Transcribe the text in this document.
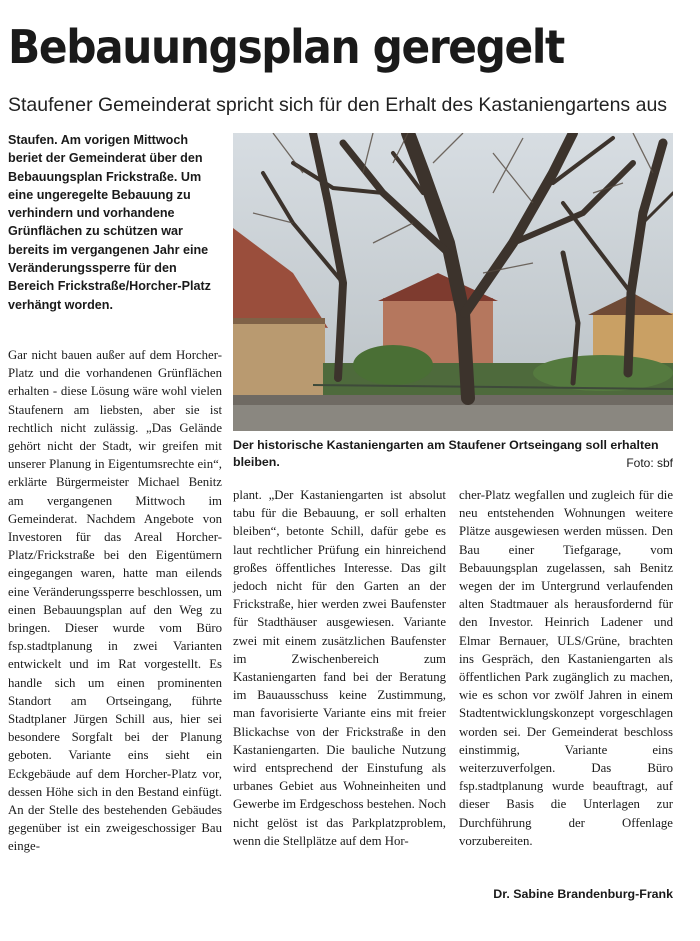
Bebauungsplan geregelt

Staufener Gemeinderat spricht sich für den Erhalt des Kastaniengartens aus

Staufen. Am vorigen Mittwoch beriet der Gemeinderat über den Bebauungsplan Frickstraße. Um eine ungeregelte Bebauung zu verhindern und vorhandene Grünflächen zu schützen war bereits im vergangenen Jahr eine Veränderungssperre für den Bereich Frickstraße/Horcher-Platz verhängt worden.

Der historische Kastaniengarten am Staufener Ortseingang soll erhalten bleiben.	Foto: sbf

Gar nicht bauen außer auf dem Horcher-Platz und die vorhandenen Grünflächen erhalten - diese Lösung wäre wohl vielen Staufenern am liebsten, aber sie ist rechtlich nicht zulässig. „Das Gelände gehört nicht der Stadt, wir greifen mit unserer Planung in Eigentumsrechte ein“, erklärte Bürgermeister Michael Benitz am vergangenen Mittwoch im Gemeinderat. Nachdem Angebote von Investoren für das Areal Horcher-Platz/Frickstraße bei den Eigentümern eingegangen waren, hatte man eilends eine Veränderungssperre beschlossen, um einen Bebauungsplan auf den Weg zu bringen. Dieser wurde vom Büro fsp.stadtplanung in zwei Varianten entwickelt und im Rat vorgestellt. Es handle sich um einen prominenten Standort am Ortseingang, führte Stadtplaner Jürgen Schill aus, hier sei besondere Sorgfalt bei der Planung geboten. Variante eins sieht ein Eckgebäude auf dem Horcher-Platz vor, dessen Höhe sich in den Bestand einfügt. An der Stelle des bestehenden Gebäudes gegenüber ist ein zweigeschossiger Bau einge-

plant. „Der Kastaniengarten ist absolut tabu für die Bebauung, er soll erhalten bleiben“, betonte Schill, dafür gebe es laut rechtlicher Prüfung ein hinreichend großes öffentliches Interesse. Das gilt jedoch nicht für den Garten an der Frickstraße, hier werden zwei Baufenster für Stadthäuser ausgewiesen. Variante zwei mit einem zusätzlichen Baufenster im Zwischenbereich zum Kastaniengarten fand bei der Beratung im Bauausschuss keine Zustimmung, man favorisierte Variante eins mit freier Blickachse von der Frickstraße in den Kastaniengarten. Die bauliche Nutzung wird entsprechend der Einstufung als urbanes Gebiet aus Wohneinheiten und Gewerbe im Erdgeschoss bestehen. Noch nicht gelöst ist das Parkplatzproblem, wenn die Stellplätze auf dem Hor-

cher-Platz wegfallen und zugleich für die neu entstehenden Wohnungen weitere Plätze ausgewiesen werden müssen. Den Bau einer Tiefgarage, vom Bebauungsplan zugelassen, sah Benitz wegen der im Untergrund verlaufenden alten Stadtmauer als herausfordernd für den Investor. Heinrich Ladener und Elmar Bernauer, ULS/Grüne, brachten ins Gespräch, den Kastaniengarten als öffentlichen Park zugänglich zu machen, wie es schon vor zwölf Jahren in einem Stadtentwicklungskonzept vorgeschlagen worden sei. Der Gemeinderat beschloss einstimmig, Variante eins weiterzuverfolgen. Das Büro fsp.stadtplanung wurde beauftragt, auf dieser Basis die Unterlagen zur Durchführung der Offenlage vorzubereiten.

Dr. Sabine Brandenburg-Frank
